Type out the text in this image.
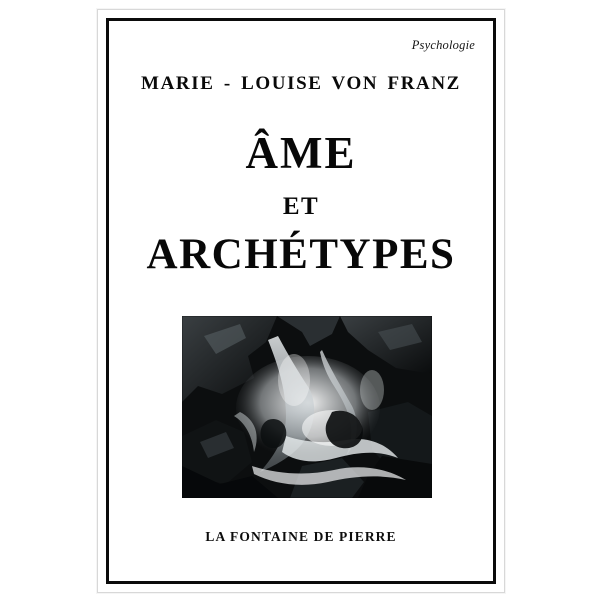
Psychologie
MARIE - LOUISE VON FRANZ
ÂME
ET
ARCHÉTYPES
LA FONTAINE DE PIERRE
